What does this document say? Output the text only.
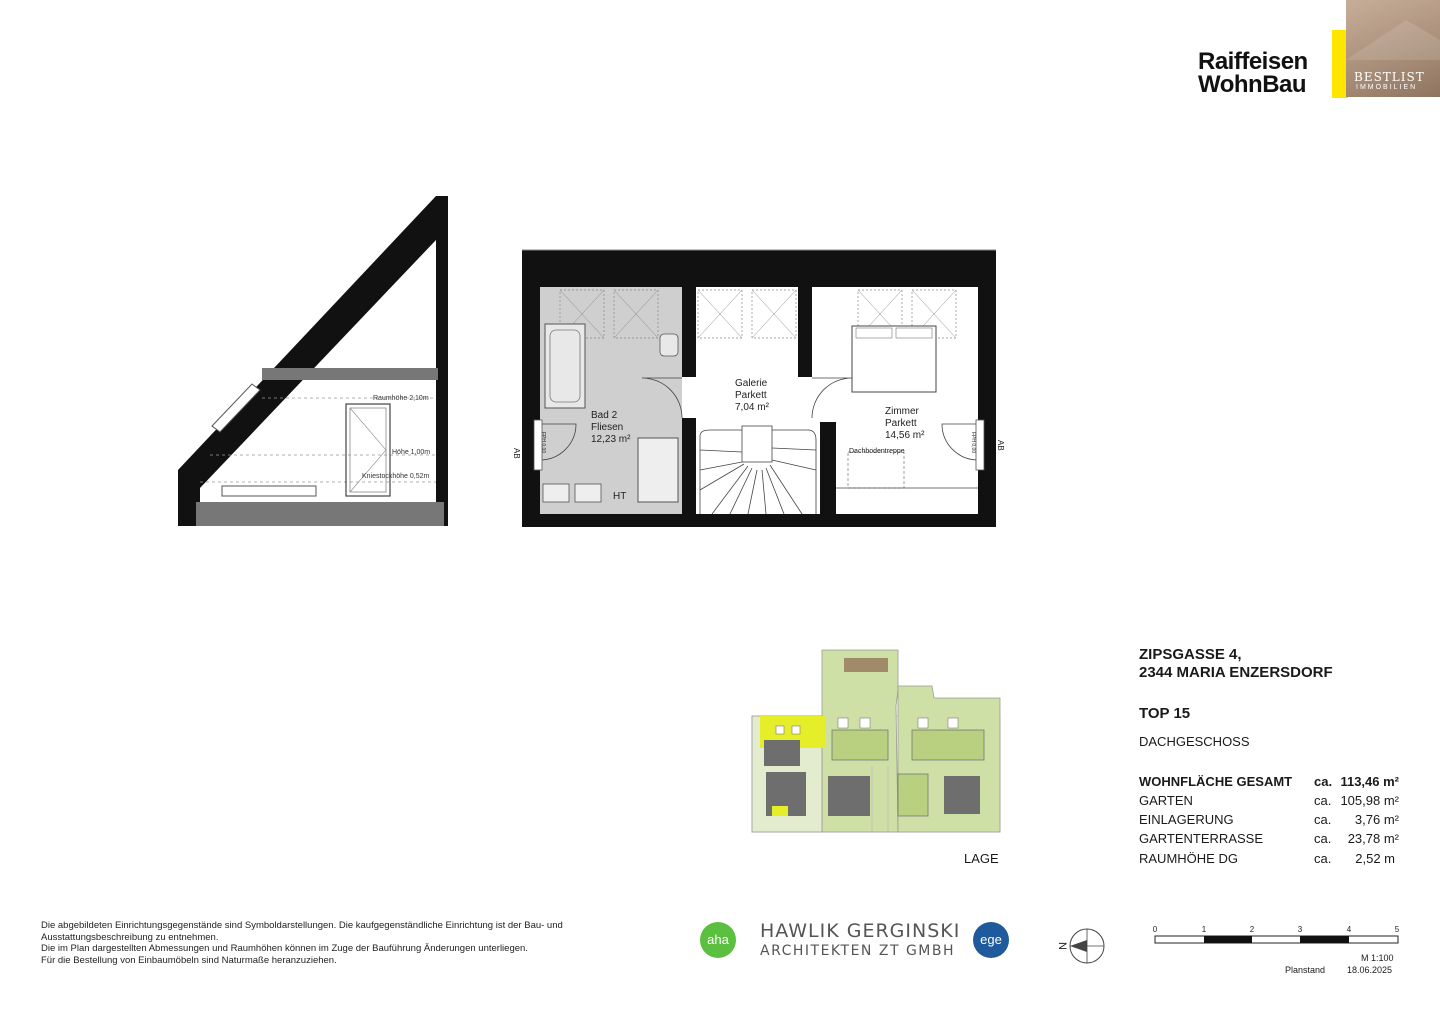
Raiffeisen
WohnBau	BESTLIST
IMMOBILIEN
Raumhöhe 2,10m
Höhe 1,00m
Kniestockhöhe 0,52m
Bad 2
Fliesen
12,23 m²
Galerie
Parkett
7,04 m²	Zimmer
Parkett
14,56 m²
HT
Dachbodentreppe
AB
AB
FPH 0,00	FPH 0,00
LAGE
ZIPSGASSE 4,
2344 MARIA ENZERSDORF
TOP 15
DACHGESCHOSS
WOHNFLÄCHE GESAMT ca. 113,46 m²
GARTEN	ca. 105,98 m²
EINLAGERUNG	ca. 3,76 m²
GARTENTERRASSE	ca. 23,78 m²
RAUMHÖHE DG	ca. 2,52 m
Die abgebildeten Einrichtungsgegenstände sind Symboldarstellungen. Die kaufgegenständliche Einrichtung ist der Bau- und
Ausstattungsbeschreibung zu entnehmen.
Die im Plan dargestellten Abmessungen und Raumhöhen können im Zuge der Bauführung Änderungen unterliegen.
Für die Bestellung von Einbaumöbeln sind Naturmaße heranzuziehen.
aha	HAWLIK GERGINSKI
ARCHITEKTEN ZT GMBH
ege	N
0	1	2	3	4	5
M 1:100
Planstand 18.06.2025
